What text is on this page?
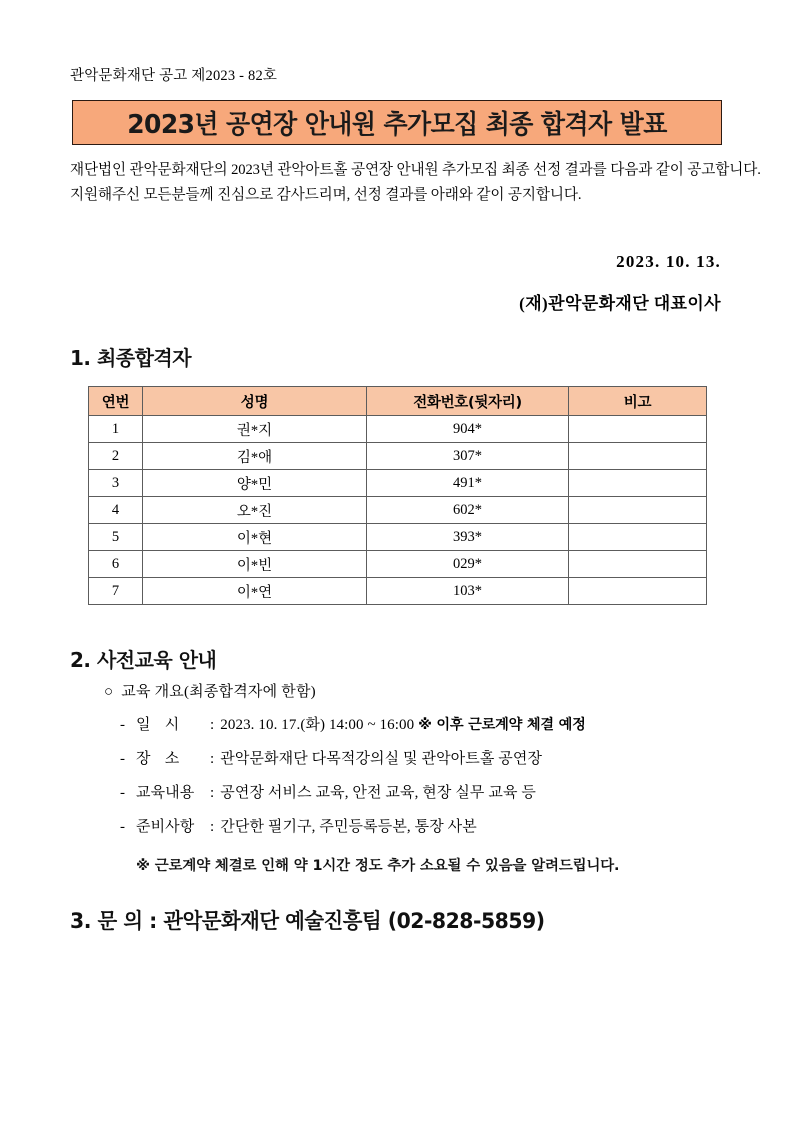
관악문화재단 공고 제2023 - 82호
2023년 공연장 안내원 추가모집 최종 합격자 발표
재단법인 관악문화재단의 2023년 관악아트홀 공연장 안내원 추가모집 최종 선정 결과를 다음과 같이 공고합니다.
지원해주신 모든분들께 진심으로 감사드리며, 선정 결과를 아래와 같이 공지합니다.
2023. 10. 13.
(재)관악문화재단 대표이사
1. 최종합격자
연번	성명	전화번호(뒷자리)	비고
1	권*지	904*	
2	김*애	307*	
3	양*민	491*	
4	오*진	602*	
5	이*현	393*	
6	이*빈	029*	
7	이*연	103*	
2. 사전교육 안내
○ 교육 개요(최종합격자에 한함)
- 일 시	: 2023. 10. 17.(화) 14:00 ~ 16:00 ※ 이후 근로계약 체결 예정
- 장 소	: 관악문화재단 다목적강의실 및 관악아트홀 공연장
- 교육내용	: 공연장 서비스 교육, 안전 교육, 현장 실무 교육 등
- 준비사항	: 간단한 필기구, 주민등록등본, 통장 사본
※ 근로계약 체결로 인해 약 1시간 정도 추가 소요될 수 있음을 알려드립니다.
3. 문 의 : 관악문화재단 예술진흥팀 (02-828-5859)
